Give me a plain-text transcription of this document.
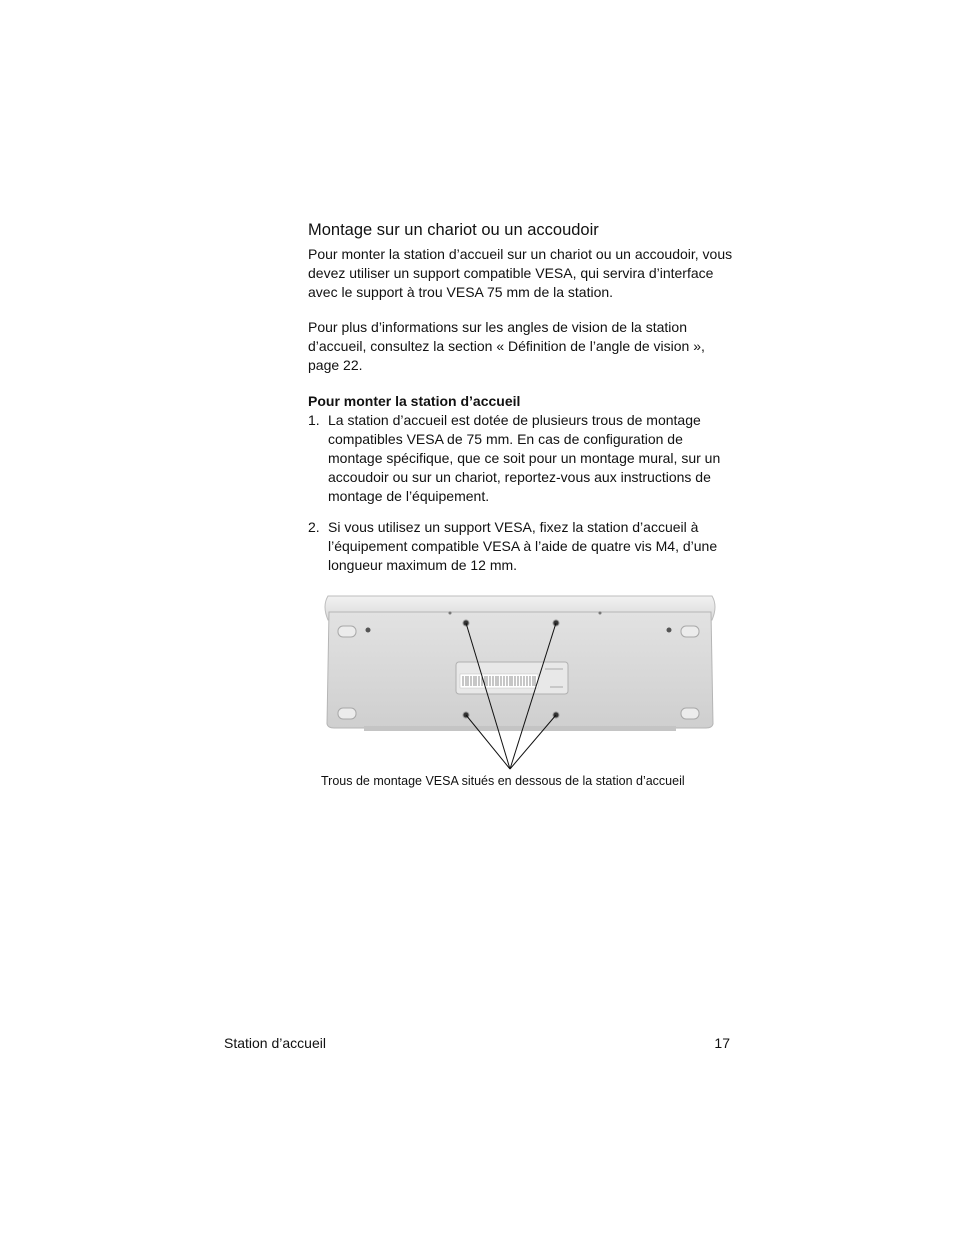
Montage sur un chariot ou un accoudoir

Pour monter la station d’accueil sur un chariot ou un accoudoir, vous devez utiliser un support compatible VESA, qui servira d’interface avec le support à trou VESA 75 mm de la station.

Pour plus d’informations sur les angles de vision de la station d’accueil, consultez la section « Définition de l’angle de vision », page 22.

Pour monter la station d’accueil

1. La station d’accueil est dotée de plusieurs trous de montage compatibles VESA de 75 mm. En cas de configuration de montage spécifique, que ce soit pour un montage mural, sur un accoudoir ou sur un chariot, reportez-vous aux instructions de montage de l’équipement.
2. Si vous utilisez un support VESA, fixez la station d’accueil à l’équipement compatible VESA à l’aide de quatre vis M4, d’une longueur maximum de 12 mm.
Trous de montage VESA situés en dessous de la station d’accueil
Station d’accueil	17
